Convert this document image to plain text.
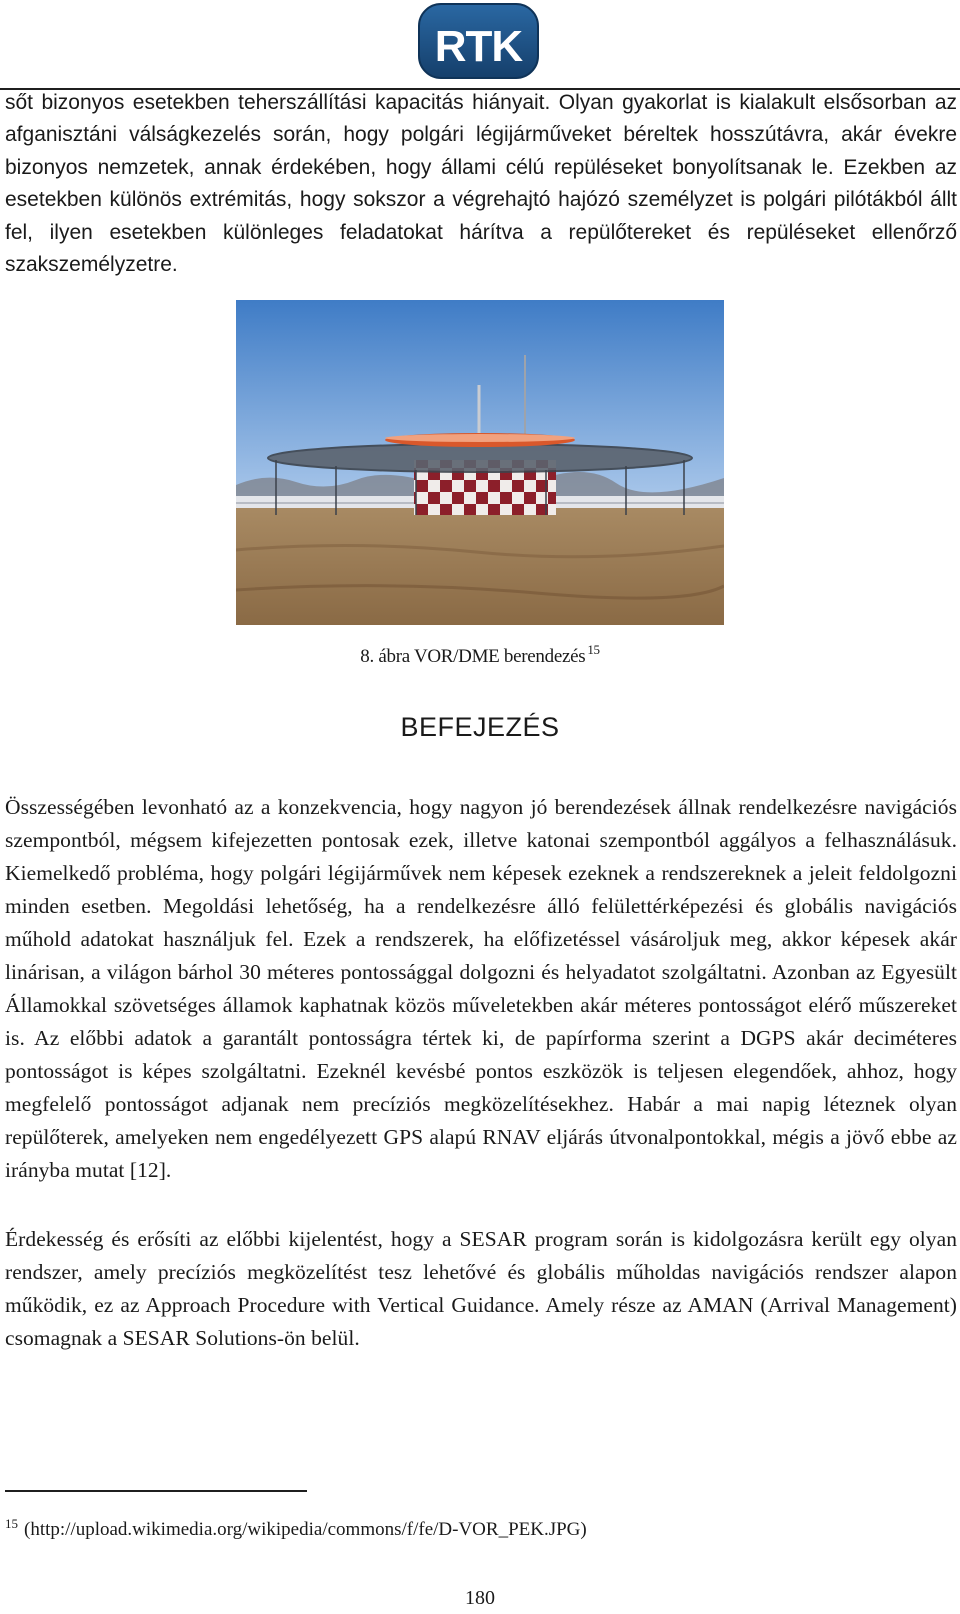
RTK

sőt bizonyos esetekben teherszállítási kapacitás hiányait. Olyan gyakorlat is kialakult elsősorban az afganisztáni válságkezelés során, hogy polgári légijárműveket béreltek hosszútávra, akár évekre bizonyos nemzetek, annak érdekében, hogy állami célú repüléseket bonyolítsanak le. Ezekben az esetekben különös extrémitás, hogy sokszor a végrehajtó hajózó személyzet is polgári pilótákból állt fel, ilyen esetekben különleges feladatokat hárítva a repülőtereket és repüléseket ellenőrző szakszemélyzetre.

8. ábra VOR/DME berendezés $^{15}$
BEFEJEZÉS

Összességében levonható az a konzekvencia, hogy nagyon jó berendezések állnak rendelkezésre navigációs szempontból, mégsem kifejezetten pontosak ezek, illetve katonai szempontból aggályos a felhasználásuk. Kiemelkedő probléma, hogy polgári légijárművek nem képesek ezeknek a rendszereknek a jeleit feldolgozni minden esetben. Megoldási lehetőség, ha a rendelkezésre álló felülettérképezési és globális navigációs műhold adatokat használjuk fel. Ezek a rendszerek, ha előfizetéssel vásároljuk meg, akkor képesek akár linárisan, a világon bárhol 30 méteres pontossággal dolgozni és helyadatot szolgáltatni. Azonban az Egyesült Államokkal szövetséges államok kaphatnak közös műveletekben akár méteres pontosságot elérő műszereket is. Az előbbi adatok a garantált pontosságra tértek ki, de papírforma szerint a DGPS akár deciméteres pontosságot is képes szolgáltatni. Ezeknél kevésbé pontos eszközök is teljesen elegendőek, ahhoz, hogy megfelelő pontosságot adjanak nem precíziós megközelítésekhez. Habár a mai napig léteznek olyan repülőterek, amelyeken nem engedélyezett GPS alapú RNAV eljárás útvonalpontokkal, mégis a jövő ebbe az irányba mutat [12].

Érdekesség és erősíti az előbbi kijelentést, hogy a SESAR program során is kidolgozásra került egy olyan rendszer, amely precíziós megközelítést tesz lehetővé és globális műholdas navigációs rendszer alapon működik, ez az Approach Procedure with Vertical Guidance. Amely része az AMAN (Arrival Management) csomagnak a SESAR Solutions-ön belül.

$^{15}$ (http://upload.wikimedia.org/wikipedia/commons/f/fe/D-VOR_PEK.JPG)
180
